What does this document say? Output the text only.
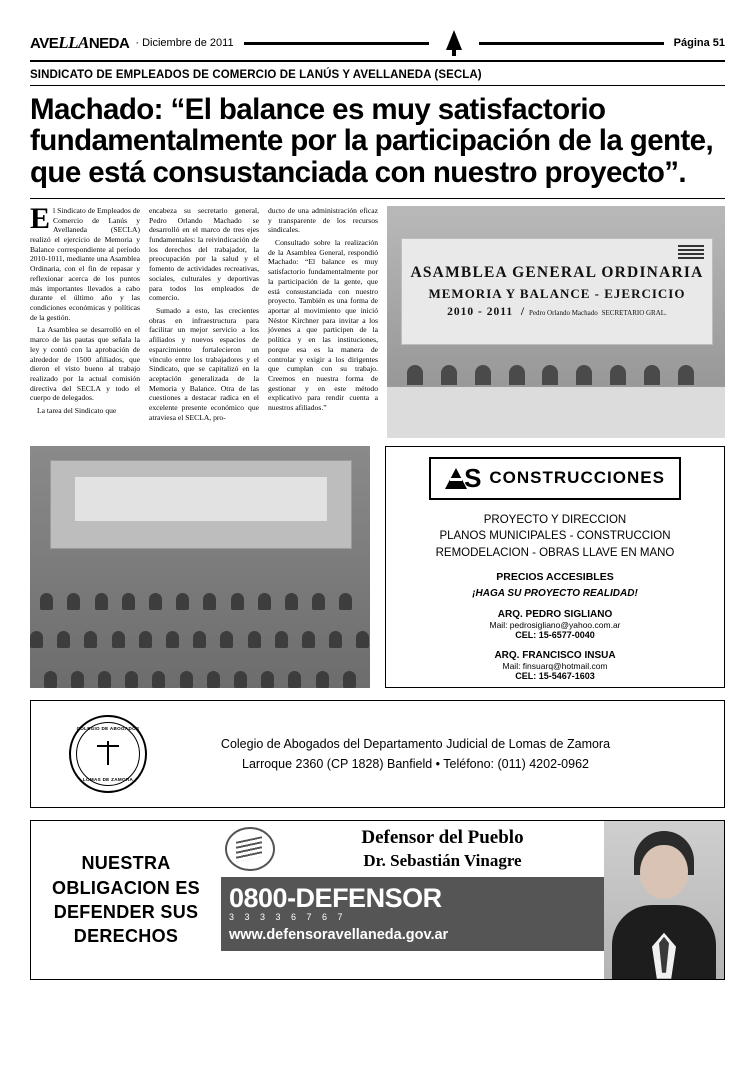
AVELLANEDA · Diciembre de 2011	Página 51
SINDICATO DE EMPLEADOS DE COMERCIO DE LANÚS Y AVELLANEDA (SECLA)
Machado: “El balance es muy satisfactorio fundamentalmente por la participación de la gente, que está consustanciada con nuestro proyecto”.

El Sindicato de Empleados de Comercio de Lanús y Avellaneda (SECLA) realizó el ejercicio de Memoria y Balance correspondiente al período 2010-1011, mediante una Asamblea Ordinaria, con el fin de repasar y reflexionar acerca de los puntos más importantes llevados a cabo durante el último año y las condiciones económicas y políticas de la gestión.

La Asamblea se desarrolló en el marco de las pautas que señala la ley y contó con la aprobación de alrededor de 1500 afiliados, que dieron el visto bueno al trabajo realizado por la actual comisión directiva del SECLA y todo el cuerpo de delegados.

La tarea del Sindicato que

encabeza su secretario general, Pedro Orlando Machado se desarrolló en el marco de tres ejes fundamentales: la reivindicación de los derechos del trabajador, la preocupación por la salud y el fomento de actividades recreativas, sociales, culturales y deportivas para todos los empleados de comercio.

Sumado a esto, las crecientes obras en infraestructura para facilitar un mejor servicio a los afiliados y nuevos espacios de esparcimiento fortalecieron un vínculo entre los trabajadores y el Sindicato, que se capitalizó en la aceptación generalizada de la Memoria y Balance. Otra de las cuestiones a destacar radica en el excelente presente económico que atraviesa el SECLA, pro-

ducto de una administración eficaz y transparente de los recursos sindicales.

Consultado sobre la realización de la Asamblea General, respondió Machado: “El balance es muy satisfactorio fundamentalmente por la participación de la gente, que está consustanciada con nuestro proyecto. También es una forma de aportar al movimiento que inició Néstor Kirchner para invitar a los jóvenes a que participen de la política y en las instituciones, porque esa es la manera de controlar y exigir a los dirigentes que cumplan con su trabajo. Creemos en nuestra forma de gestionar y en este método explicativo para rendir cuenta a nuestros afiliados.”

ASAMBLEA GENERAL ORDINARIA
MEMORIA Y BALANCE - EJERCICIO
2010 - 2011  / Pedro Orlando Machado SECRETARIO GRAL.
S CONSTRUCCIONES
PROYECTO Y DIRECCION
PLANOS MUNICIPALES - CONSTRUCCION
REMODELACION - OBRAS LLAVE EN MANO
PRECIOS ACCESIBLES
¡HAGA SU PROYECTO REALIDAD!
ARQ. PEDRO SIGLIANO
Mail: pedrosigliano@yahoo.com.ar
CEL: 15-6577-0040
ARQ. FRANCISCO INSUA
Mail: finsuarq@hotmail.com
CEL: 15-5467-1603
COLEGIO DE ABOGADOS
LOMAS DE ZAMORA
Colegio de Abogados del Departamento Judicial de Lomas de Zamora
Larroque 2360 (CP 1828) Banfield • Teléfono: (011) 4202-0962
NUESTRA OBLIGACION ES DEFENDER SUS DERECHOS
Defensor del Pueblo
Dr. Sebastián Vinagre
0800-DEFENSOR
3 3 3 3 6 7 6 7
www.defensoravellaneda.gov.ar
